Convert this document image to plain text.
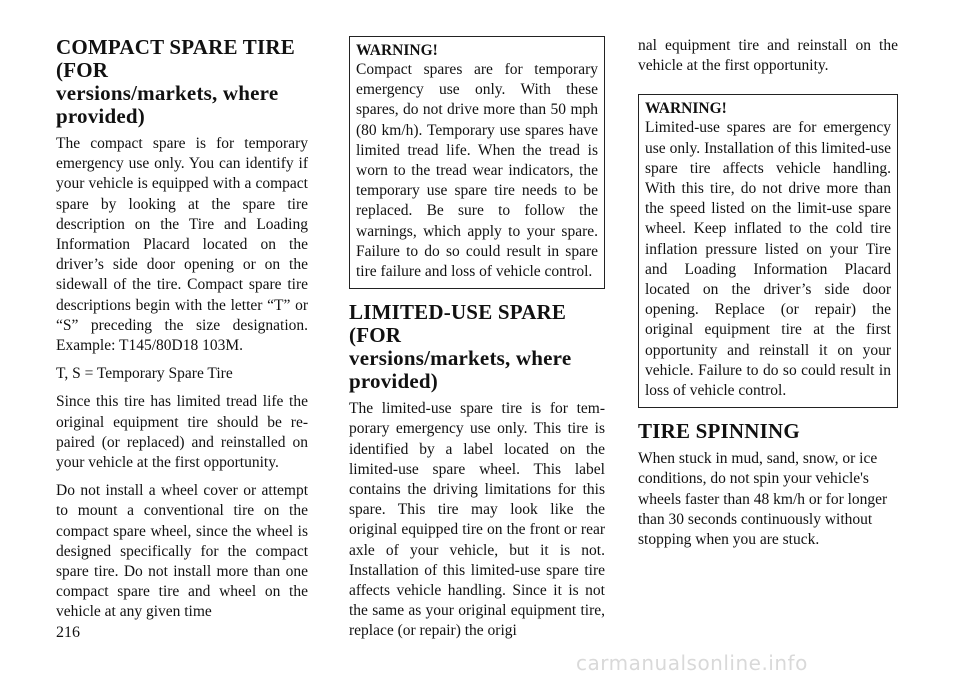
COMPACT SPARE TIRE (FOR
versions/markets, where
provided)

The compact spare is for temporary emergency use only. You can identify if your vehicle is equipped with a compact spare by looking at the spare tire description on the Tire and Loading Information Placard located on the driver’s side door opening or on the sidewall of the tire. Compact spare tire descriptions begin with the letter “T” or “S” preceding the size designation. Example: T145/80D18 103M.

T, S = Temporary Spare Tire

Since this tire has limited tread life the original equipment tire should be repaired (or replaced) and reinstalled on your vehicle at the first opportunity.

Do not install a wheel cover or attempt to mount a conventional tire on the compact spare wheel, since the wheel is designed specifically for the compact spare tire. Do not install more than one compact spare tire and wheel on the vehicle at any given time

WARNING!

Compact spares are for temporary emergency use only. With these spares, do not drive more than 50 mph (80 km/h). Temporary use spares have limited tread life. When the tread is worn to the tread wear indicators, the temporary use spare tire needs to be replaced. Be sure to follow the warnings, which apply to your spare. Failure to do so could result in spare tire failure and loss of vehicle control.

LIMITED-USE SPARE (FOR
versions/markets, where
provided)

The limited-use spare tire is for temporary emergency use only. This tire is identified by a label located on the limited-use spare wheel. This label contains the driving limitations for this spare. This tire may look like the original equipped tire on the front or rear axle of your vehicle, but it is not. Installation of this limited-use spare tire affects vehicle handling. Since it is not the same as your original equipment tire, replace (or repair) the origi

nal equipment tire and reinstall on the vehicle at the first opportunity.

WARNING!

Limited-use spares are for emergency use only. Installation of this limited-use spare tire affects vehicle handling. With this tire, do not drive more than the speed listed on the limit-use spare wheel. Keep inflated to the cold tire inflation pressure listed on your Tire and Loading Information Placard located on the driver’s side door opening. Replace (or repair) the original equipment tire at the first opportunity and reinstall it on your vehicle. Failure to do so could result in loss of vehicle control.

TIRE SPINNING

When stuck in mud, sand, snow, or ice conditions, do not spin your vehicle's wheels faster than 48 km/h or for longer than 30 seconds continuously without stopping when you are stuck.

216
carmanualsonline.info
